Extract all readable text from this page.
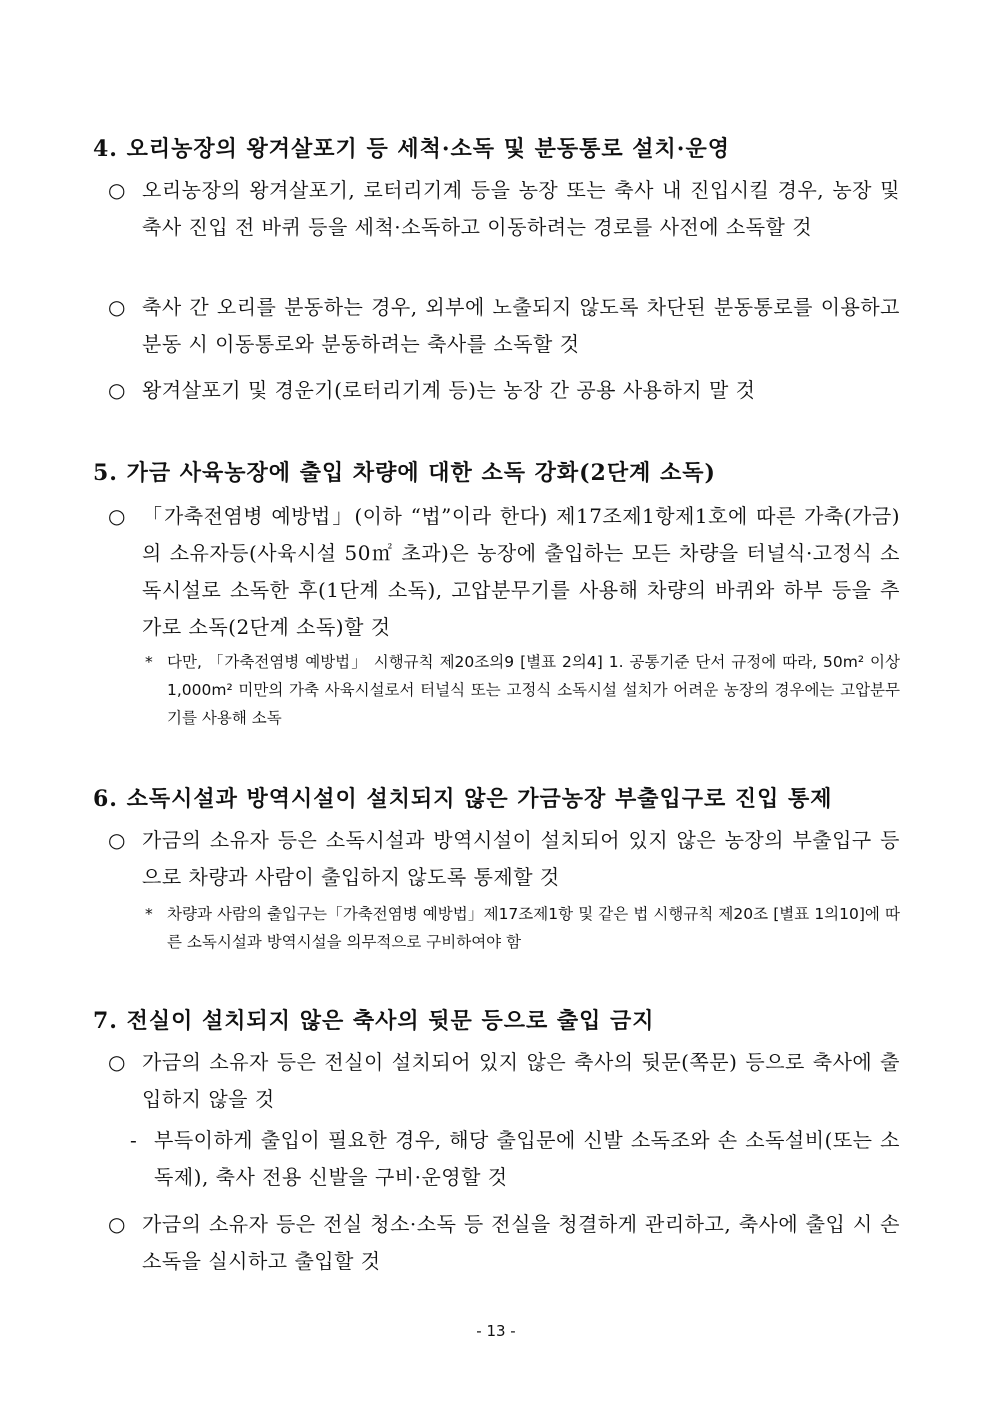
4. 오리농장의 왕겨살포기 등 세척·소독 및 분동통로 설치·운영
○ 오리농장의 왕겨살포기, 로터리기계 등을 농장 또는 축사 내 진입시킬 경우, 농장 및 축사 진입 전 바퀴 등을 세척·소독하고 이동하려는 경로를 사전에 소독할 것
○ 축사 간 오리를 분동하는 경우, 외부에 노출되지 않도록 차단된 분동통로를 이용하고 분동 시 이동통로와 분동하려는 축사를 소독할 것
○ 왕겨살포기 및 경운기(로터리기계 등)는 농장 간 공용 사용하지 말 것
5. 가금 사육농장에 출입 차량에 대한 소독 강화(2단계 소독)
○ 「가축전염병 예방법」(이하 “법”이라 한다) 제17조제1항제1호에 따른 가축(가금)의 소유자등(사육시설 50㎡ 초과)은 농장에 출입하는 모든 차량을 터널식·고정식 소독시설로 소독한 후(1단계 소독), 고압분무기를 사용해 차량의 바퀴와 하부 등을 추가로 소독(2단계 소독)할 것
* 다만, 「가축전염병 예방법」 시행규칙 제20조의9 [별표 2의4] 1. 공통기준 단서 규정에 따라, 50m² 이상 1,000m² 미만의 가축 사육시설로서 터널식 또는 고정식 소독시설 설치가 어려운 농장의 경우에는 고압분무기를 사용해 소독
6. 소독시설과 방역시설이 설치되지 않은 가금농장 부출입구로 진입 통제
○ 가금의 소유자 등은 소독시설과 방역시설이 설치되어 있지 않은 농장의 부출입구 등으로 차량과 사람이 출입하지 않도록 통제할 것
* 차량과 사람의 출입구는「가축전염병 예방법」제17조제1항 및 같은 법 시행규칙 제20조 [별표 1의10]에 따른 소독시설과 방역시설을 의무적으로 구비하여야 함
7. 전실이 설치되지 않은 축사의 뒷문 등으로 출입 금지
○ 가금의 소유자 등은 전실이 설치되어 있지 않은 축사의 뒷문(쪽문) 등으로 축사에 출입하지 않을 것
- 부득이하게 출입이 필요한 경우, 해당 출입문에 신발 소독조와 손 소독설비(또는 소독제), 축사 전용 신발을 구비·운영할 것
○ 가금의 소유자 등은 전실 청소·소독 등 전실을 청결하게 관리하고, 축사에 출입 시 손 소독을 실시하고 출입할 것
- 13 -
